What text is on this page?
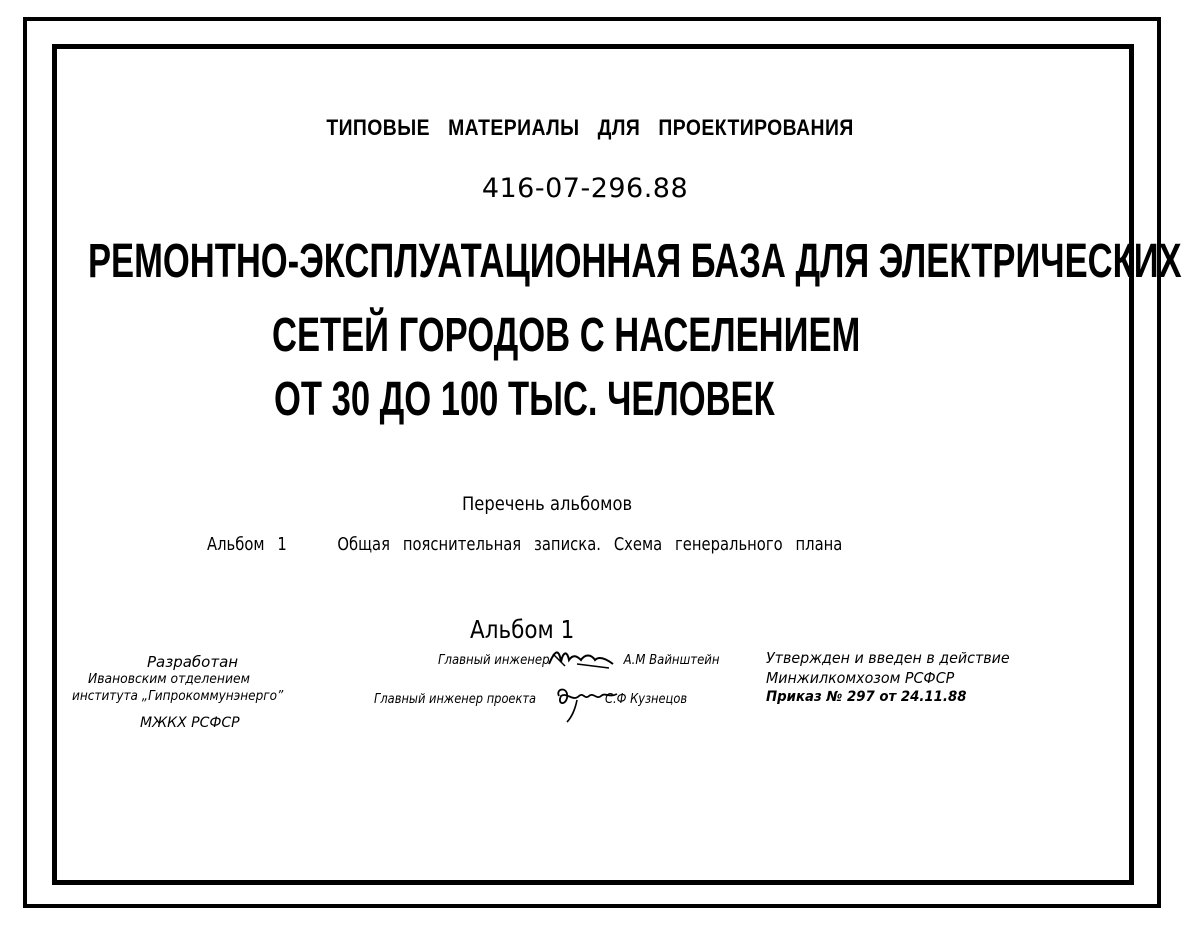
ТИПОВЫЕ МАТЕРИАЛЫ ДЛЯ ПРОЕКТИРОВАНИЯ
416-07-296.88
РЕМОНТНО-ЭКСПЛУАТАЦИОННАЯ БАЗА ДЛЯ ЭЛЕКТРИЧЕСКИХ
СЕТЕЙ ГОРОДОВ С НАСЕЛЕНИЕМ
ОТ 30 ДО 100 ТЫС. ЧЕЛОВЕК
Перечень альбомов
Альбом 1	Общая пояснительная записка. Схема генерального плана
Альбом 1
Разработан
Ивановским отделением
института „Гипрокоммунэнерго”
МЖКХ РСФСР
Главный инженер	А.М Вайнштейн
Главный инженер проекта	С.Ф Кузнецов
Утвержден и введен в действие
Минжилкомхозом РСФСР
Приказ № 297 от 24.11.88
